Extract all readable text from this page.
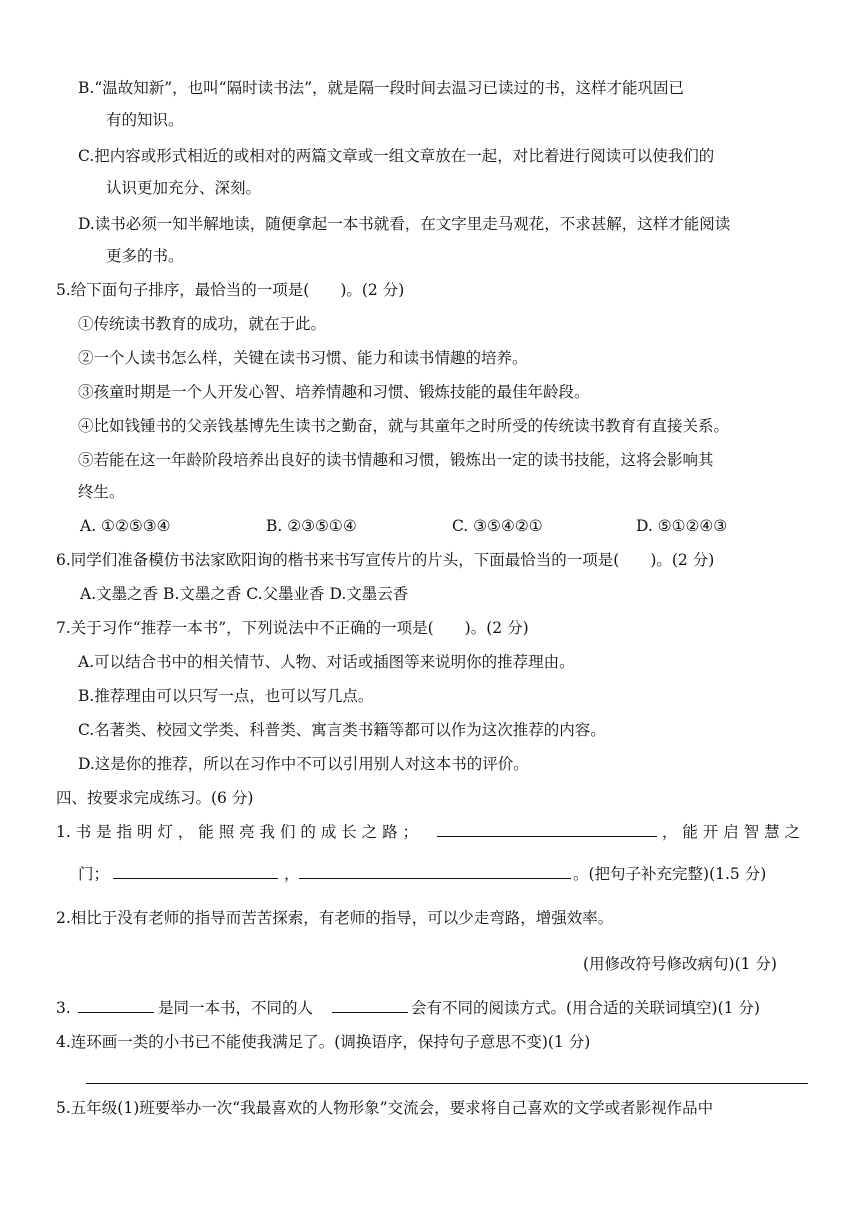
B.“温故知新”，也叫“隔时读书法”，就是隔一段时间去温习已读过的书，这样才能巩固已
有的知识。
C.把内容或形式相近的或相对的两篇文章或一组文章放在一起，对比着进行阅读可以使我们的
认识更加充分、深刻。
D.读书必须一知半解地读，随便拿起一本书就看，在文字里走马观花，不求甚解，这样才能阅读
更多的书。
5.给下面句子排序，最恰当的一项是(　　)。(2 分)
①传统读书教育的成功，就在于此。
②一个人读书怎么样，关键在读书习惯、能力和读书情趣的培养。
③孩童时期是一个人开发心智、培养情趣和习惯、锻炼技能的最佳年龄段。
④比如钱锺书的父亲钱基博先生读书之勤奋，就与其童年之时所受的传统读书教育有直接关系。
⑤若能在这一年龄阶段培养出良好的读书情趣和习惯，锻炼出一定的读书技能，这将会影响其
终生。
A. ①②⑤③④	B. ②③⑤①④	C. ③⑤④②①	D. ⑤①②④③
6.同学们准备模仿书法家欧阳询的楷书来书写宣传片的片头，下面最恰当的一项是(　　)。(2 分)
A.文墨之香 B.文墨之香 C.父墨业香 D.文墨云香
7.关于习作“推荐一本书”，下列说法中不正确的一项是(　　)。(2 分)
A.可以结合书中的相关情节、人物、对话或插图等来说明你的推荐理由。
B.推荐理由可以只写一点，也可以写几点。
C.名著类、校园文学类、科普类、寓言类书籍等都可以作为这次推荐的内容。
D.这是你的推荐，所以在习作中不可以引用别人对这本书的评价。
四、按要求完成练习。(6 分)
1. 书 是 指 明 灯 ， 能 照 亮 我 们 的 成 长 之 路 ；	， 能 开 启 智 慧 之
门；	，	。(把句子补充完整)(1.5 分)
2.相比于没有老师的指导而苦苦探索，有老师的指导，可以少走弯路，增强效率。
(用修改符号修改病句)(1 分)
3.	是同一本书，不同的人	会有不同的阅读方式。(用合适的关联词填空)(1 分)
4.连环画一类的小书已不能使我满足了。(调换语序，保持句子意思不变)(1 分)
5.五年级(1)班要举办一次“我最喜欢的人物形象”交流会，要求将自己喜欢的文学或者影视作品中
